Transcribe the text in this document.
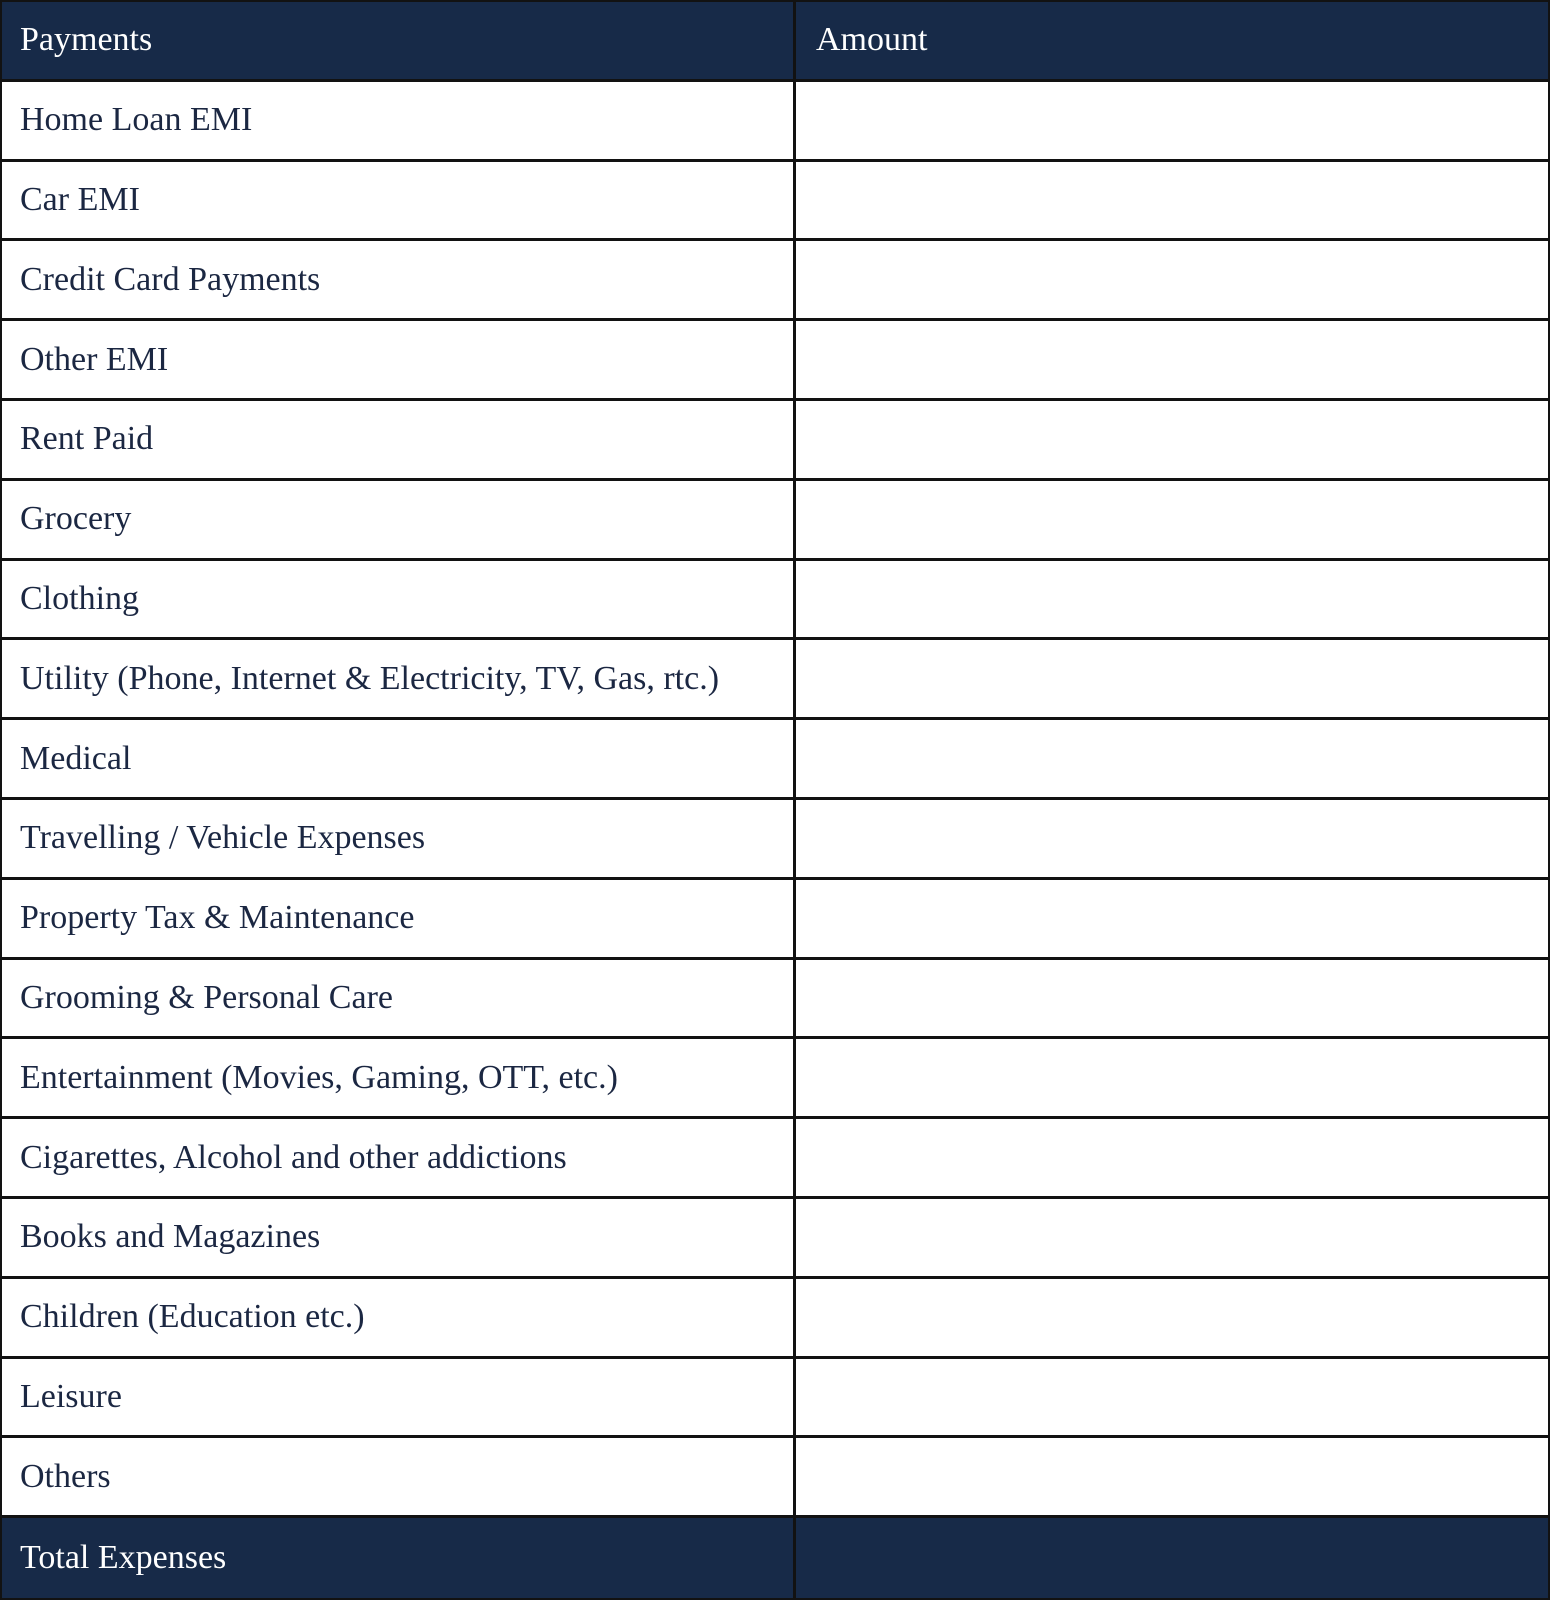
Payments	Amount
Home Loan EMI
Car EMI
Credit Card Payments
Other EMI
Rent Paid
Grocery
Clothing
Utility (Phone, Internet & Electricity, TV, Gas, rtc.)
Medical
Travelling / Vehicle Expenses
Property Tax & Maintenance
Grooming & Personal Care
Entertainment (Movies, Gaming, OTT, etc.)
Cigarettes, Alcohol and other addictions
Books and Magazines
Children (Education etc.)
Leisure
Others
Total Expenses
